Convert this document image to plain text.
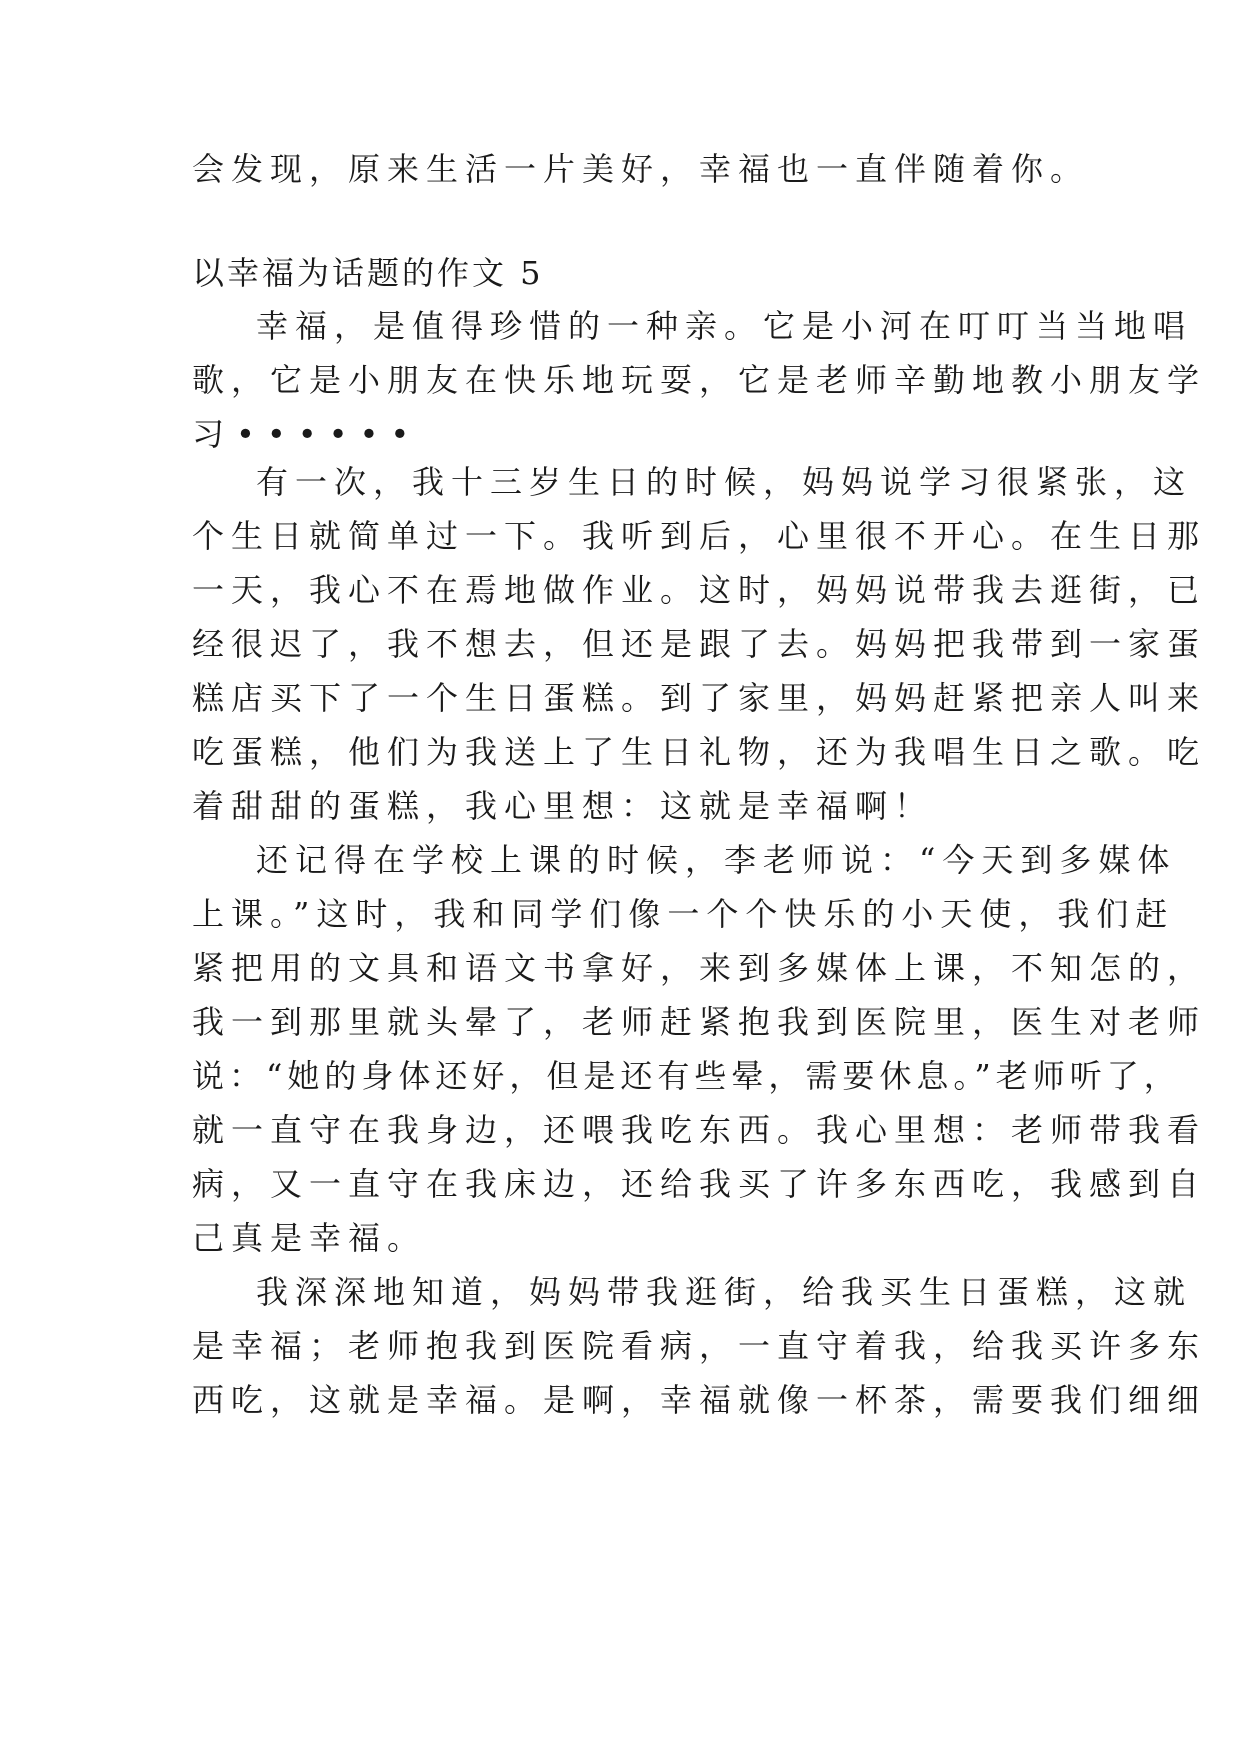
会发现，原来生活一片美好，幸福也一直伴随着你。
以幸福为话题的作文 5
幸福，是值得珍惜的一种亲。它是小河在叮叮当当地唱
歌，它是小朋友在快乐地玩耍，它是老师辛勤地教小朋友学
习••••••
有一次，我十三岁生日的时候，妈妈说学习很紧张，这
个生日就简单过一下。我听到后，心里很不开心。在生日那
一天，我心不在焉地做作业。这时，妈妈说带我去逛街，已
经很迟了，我不想去，但还是跟了去。妈妈把我带到一家蛋
糕店买下了一个生日蛋糕。到了家里，妈妈赶紧把亲人叫来
吃蛋糕，他们为我送上了生日礼物，还为我唱生日之歌。吃
着甜甜的蛋糕，我心里想：这就是幸福啊！
还记得在学校上课的时候，李老师说：“今天到多媒体
上课。”这时，我和同学们像一个个快乐的小天使，我们赶
紧把用的文具和语文书拿好，来到多媒体上课，不知怎的，
我一到那里就头晕了，老师赶紧抱我到医院里，医生对老师
说：“她的身体还好，但是还有些晕，需要休息。”老师听了，
就一直守在我身边，还喂我吃东西。我心里想：老师带我看
病，又一直守在我床边，还给我买了许多东西吃，我感到自
己真是幸福。
我深深地知道，妈妈带我逛街，给我买生日蛋糕，这就
是幸福；老师抱我到医院看病，一直守着我，给我买许多东
西吃，这就是幸福。是啊，幸福就像一杯茶，需要我们细细
